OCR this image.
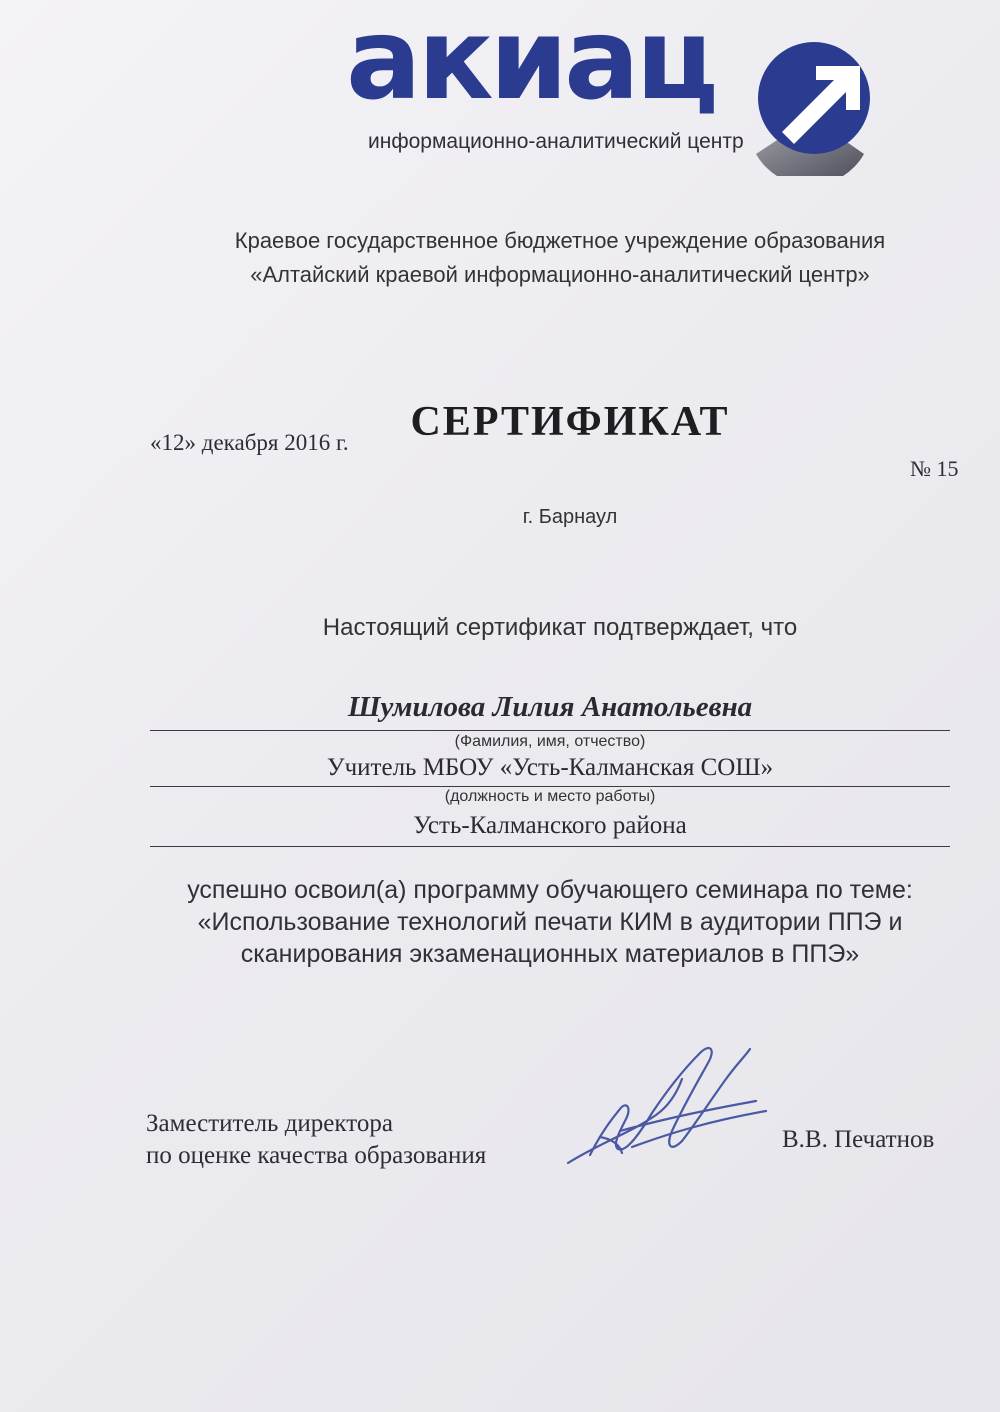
акиац
информационно-аналитический центр
Краевое государственное бюджетное учреждение образования
«Алтайский краевой информационно-аналитический центр»
СЕРТИФИКАТ
«12» декабря 2016 г.
№ 15
г. Барнаул
Настоящий сертификат подтверждает, что
Шумилова Лилия Анатольевна
(Фамилия, имя, отчество)
Учитель МБОУ «Усть-Калманская СОШ»
(должность и место работы)
Усть-Калманского района
успешно освоил(а) программу обучающего семинара по теме:
«Использование технологий печати КИМ в аудитории ППЭ и
сканирования экзаменационных материалов в ППЭ»
Заместитель директора
по оценке качества образования
В.В. Печатнов
